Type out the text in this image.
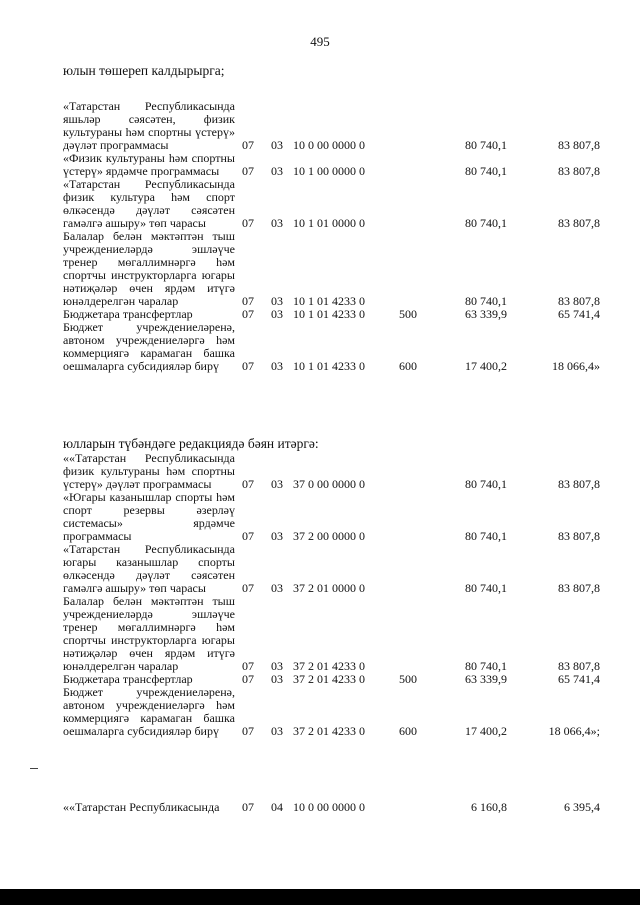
495
юлын төшереп калдырырга;
«Татарстан Республикасында яшьләр сәясәтен, физик культураны һәм спортны үстерү» дәүләт программасы	07	03	10 0 00 0000 0		80 740,1	83 807,8
«Физик культураны һәм спортны үстерү» ярдәмче программасы	07	03	10 1 00 0000 0		80 740,1	83 807,8
«Татарстан Республикасында физик культура һәм спорт өлкәсендә дәүләт сәясәтен гамәлгә ашыру» төп чарасы	07	03	10 1 01 0000 0		80 740,1	83 807,8
Балалар белән мәктәптән тыш учреждениеләрдә эшләүче тренер мөгаллимнәргә һәм спортчы инструкторларга югары нәтиҗәләр өчен ярдәм итүгә юнәлдерелгән чаралар	07	03	10 1 01 4233 0		80 740,1	83 807,8
Бюджетара трансфертлар	07	03	10 1 01 4233 0	500	63 339,9	65 741,4
Бюджет учреждениеләренә, автоном учреждениеләргә һәм коммерциягә карамаган башка оешмаларга субсидияләр бирү	07	03	10 1 01 4233 0	600	17 400,2	18 066,4»
юлларын түбәндәге редакциядә бәян итәргә:
««Татарстан Республикасында физик культураны һәм спортны үстерү» дәүләт программасы	07	03	37 0 00 0000 0		80 740,1	83 807,8
«Югары казанышлар спорты һәм спорт резервы әзерләү системасы» ярдәмче программасы	07	03	37 2 00 0000 0		80 740,1	83 807,8
«Татарстан Республикасында югары казанышлар спорты өлкәсендә дәүләт сәясәтен гамәлгә ашыру» төп чарасы	07	03	37 2 01 0000 0		80 740,1	83 807,8
Балалар белән мәктәптән тыш учреждениеләрдә эшләүче тренер мөгаллимнәргә һәм спортчы инструкторларга югары нәтиҗәләр өчен ярдәм итүгә юнәлдерелгән чаралар	07	03	37 2 01 4233 0		80 740,1	83 807,8
Бюджетара трансфертлар	07	03	37 2 01 4233 0	500	63 339,9	65 741,4
Бюджет учреждениеләренә, автоном учреждениеләргә һәм коммерциягә карамаган башка оешмаларга субсидияләр бирү	07	03	37 2 01 4233 0	600	17 400,2	18 066,4»;
««Татарстан Республикасында	07	04	10 0 00 0000 0		6 160,8	6 395,4
